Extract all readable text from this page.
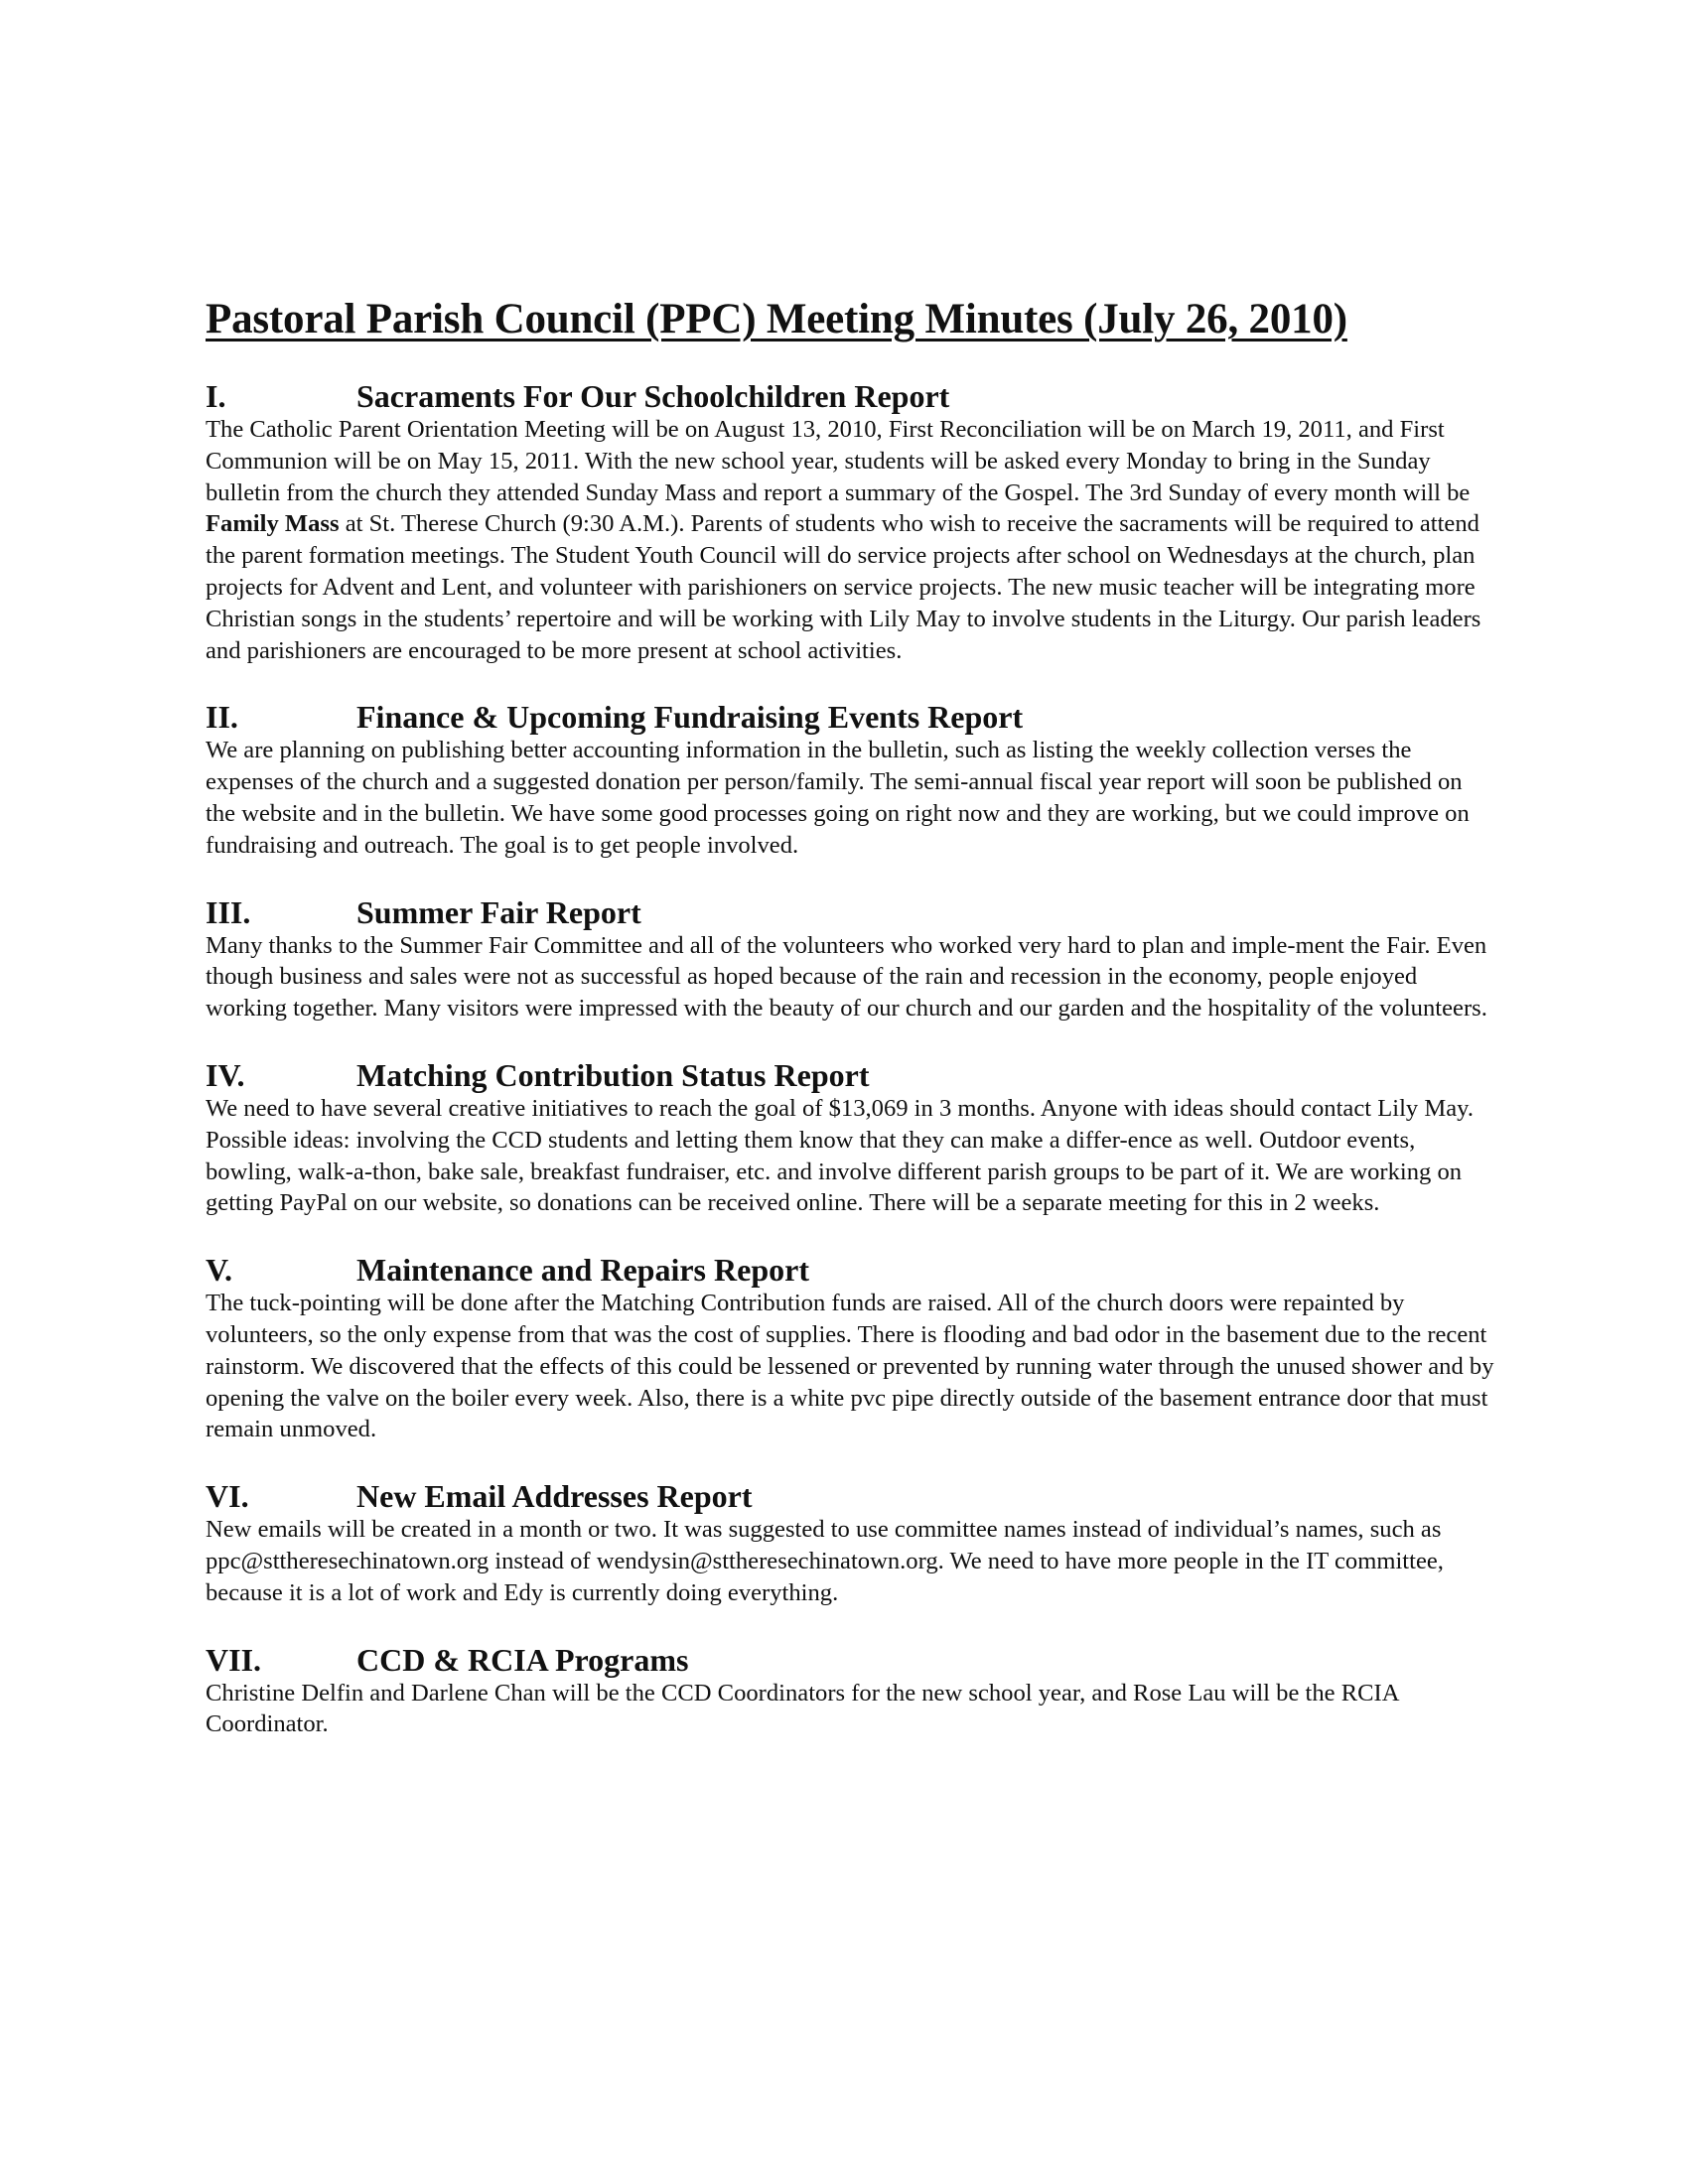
Pastoral Parish Council (PPC) Meeting Minutes (July 26, 2010)
I.	Sacraments For Our Schoolchildren Report

The Catholic Parent Orientation Meeting will be on August 13, 2010, First Reconciliation will be on March 19, 2011, and First Communion will be on May 15, 2011. With the new school year, students will be asked every Monday to bring in the Sunday bulletin from the church they attended Sunday Mass and report a summary of the Gospel. The 3rd Sunday of every month will be Family Mass at St. Therese Church (9:30 A.M.). Parents of students who wish to receive the sacraments will be required to attend the parent formation meetings. The Student Youth Council will do service projects after school on Wednesdays at the church, plan projects for Advent and Lent, and volunteer with parishioners on service projects. The new music teacher will be integrating more Christian songs in the students’ repertoire and will be working with Lily May to involve students in the Liturgy. Our parish leaders and parishioners are encouraged to be more present at school activities.

II.	Finance & Upcoming Fundraising Events Report

We are planning on publishing better accounting information in the bulletin, such as listing the weekly collection verses the expenses of the church and a suggested donation per person/family. The semi-annual fiscal year report will soon be published on the website and in the bulletin. We have some good processes going on right now and they are working, but we could improve on fundraising and outreach. The goal is to get people involved.

III.	Summer Fair Report

Many thanks to the Summer Fair Committee and all of the volunteers who worked very hard to plan and imple-ment the Fair. Even though business and sales were not as successful as hoped because of the rain and recession in the economy, people enjoyed working together. Many visitors were impressed with the beauty of our church and our garden and the hospitality of the volunteers.

IV.	Matching Contribution Status Report

We need to have several creative initiatives to reach the goal of $13,069 in 3 months. Anyone with ideas should contact Lily May. Possible ideas: involving the CCD students and letting them know that they can make a differ-ence as well. Outdoor events, bowling, walk-a-thon, bake sale, breakfast fundraiser, etc. and involve different parish groups to be part of it. We are working on getting PayPal on our website, so donations can be received online. There will be a separate meeting for this in 2 weeks.

V.	Maintenance and Repairs Report

The tuck-pointing will be done after the Matching Contribution funds are raised. All of the church doors were repainted by volunteers, so the only expense from that was the cost of supplies. There is flooding and bad odor in the basement due to the recent rainstorm. We discovered that the effects of this could be lessened or prevented by running water through the unused shower and by opening the valve on the boiler every week. Also, there is a white pvc pipe directly outside of the basement entrance door that must remain unmoved.

VI.	New Email Addresses Report

New emails will be created in a month or two. It was suggested to use committee names instead of individual’s names, such as ppc@sttheresechinatown.org instead of wendysin@sttheresechinatown.org. We need to have more people in the IT committee, because it is a lot of work and Edy is currently doing everything.

VII.	CCD & RCIA Programs

Christine Delfin and Darlene Chan will be the CCD Coordinators for the new school year, and Rose Lau will be the RCIA Coordinator.
